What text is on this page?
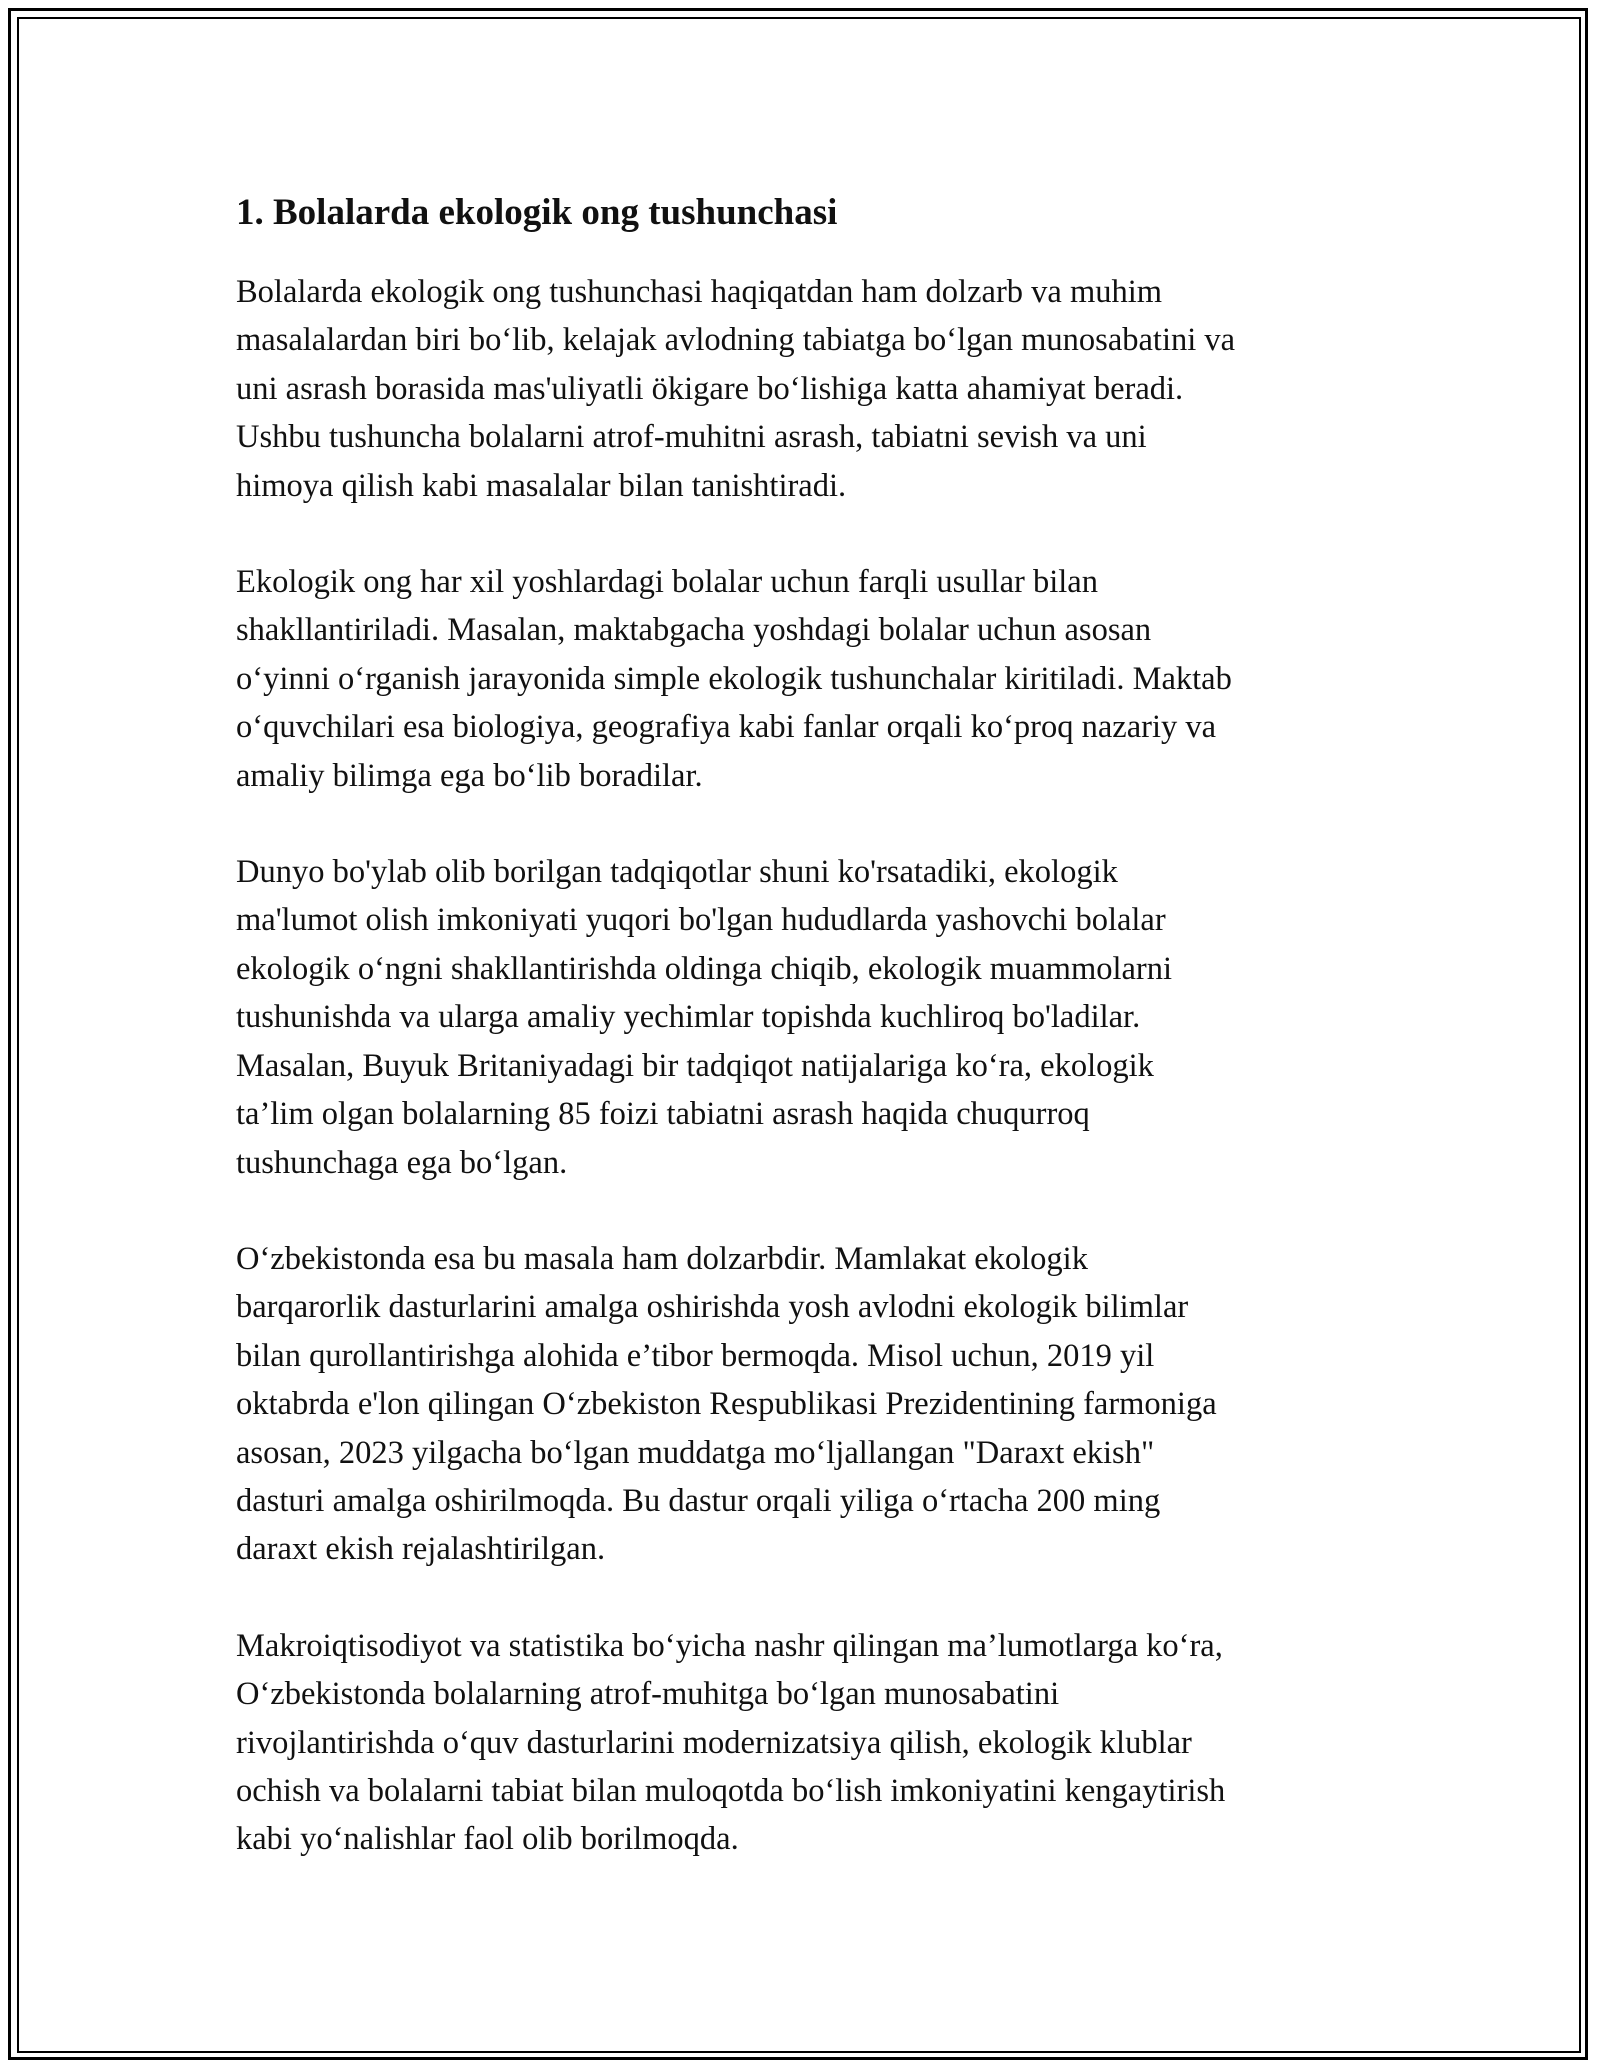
1. Bolalarda ekologik ong tushunchasi

Bolalarda ekologik ong tushunchasi haqiqatdan ham dolzarb va muhim
masalalardan biri boʻlib, kelajak avlodning tabiatga boʻlgan munosabatini va
uni asrash borasida mas'uliyatli ökigare boʻlishiga katta ahamiyat beradi.
Ushbu tushuncha bolalarni atrof-muhitni asrash, tabiatni sevish va uni
himoya qilish kabi masalalar bilan tanishtiradi.

Ekologik ong har xil yoshlardagi bolalar uchun farqli usullar bilan
shakllantiriladi. Masalan, maktabgacha yoshdagi bolalar uchun asosan
oʻyinni oʻrganish jarayonida simple ekologik tushunchalar kiritiladi. Maktab
oʻquvchilari esa biologiya, geografiya kabi fanlar orqali koʻproq nazariy va
amaliy bilimga ega boʻlib boradilar.

Dunyo bo'ylab olib borilgan tadqiqotlar shuni ko'rsatadiki, ekologik
ma'lumot olish imkoniyati yuqori bo'lgan hududlarda yashovchi bolalar
ekologik oʻngni shakllantirishda oldinga chiqib, ekologik muammolarni
tushunishda va ularga amaliy yechimlar topishda kuchliroq bo'ladilar.
Masalan, Buyuk Britaniyadagi bir tadqiqot natijalariga koʻra, ekologik
ta’lim olgan bolalarning 85 foizi tabiatni asrash haqida chuqurroq
tushunchaga ega boʻlgan.

Oʻzbekistonda esa bu masala ham dolzarbdir. Mamlakat ekologik
barqarorlik dasturlarini amalga oshirishda yosh avlodni ekologik bilimlar
bilan qurollantirishga alohida e’tibor bermoqda. Misol uchun, 2019 yil
oktabrda e'lon qilingan Oʻzbekiston Respublikasi Prezidentining farmoniga
asosan, 2023 yilgacha boʻlgan muddatga moʻljallangan "Daraxt ekish"
dasturi amalga oshirilmoqda. Bu dastur orqali yiliga oʻrtacha 200 ming
daraxt ekish rejalashtirilgan.

Makroiqtisodiyot va statistika boʻyicha nashr qilingan ma’lumotlarga koʻra,
Oʻzbekistonda bolalarning atrof-muhitga boʻlgan munosabatini
rivojlantirishda oʻquv dasturlarini modernizatsiya qilish, ekologik klublar
ochish va bolalarni tabiat bilan muloqotda boʻlish imkoniyatini kengaytirish
kabi yoʻnalishlar faol olib borilmoqda.
